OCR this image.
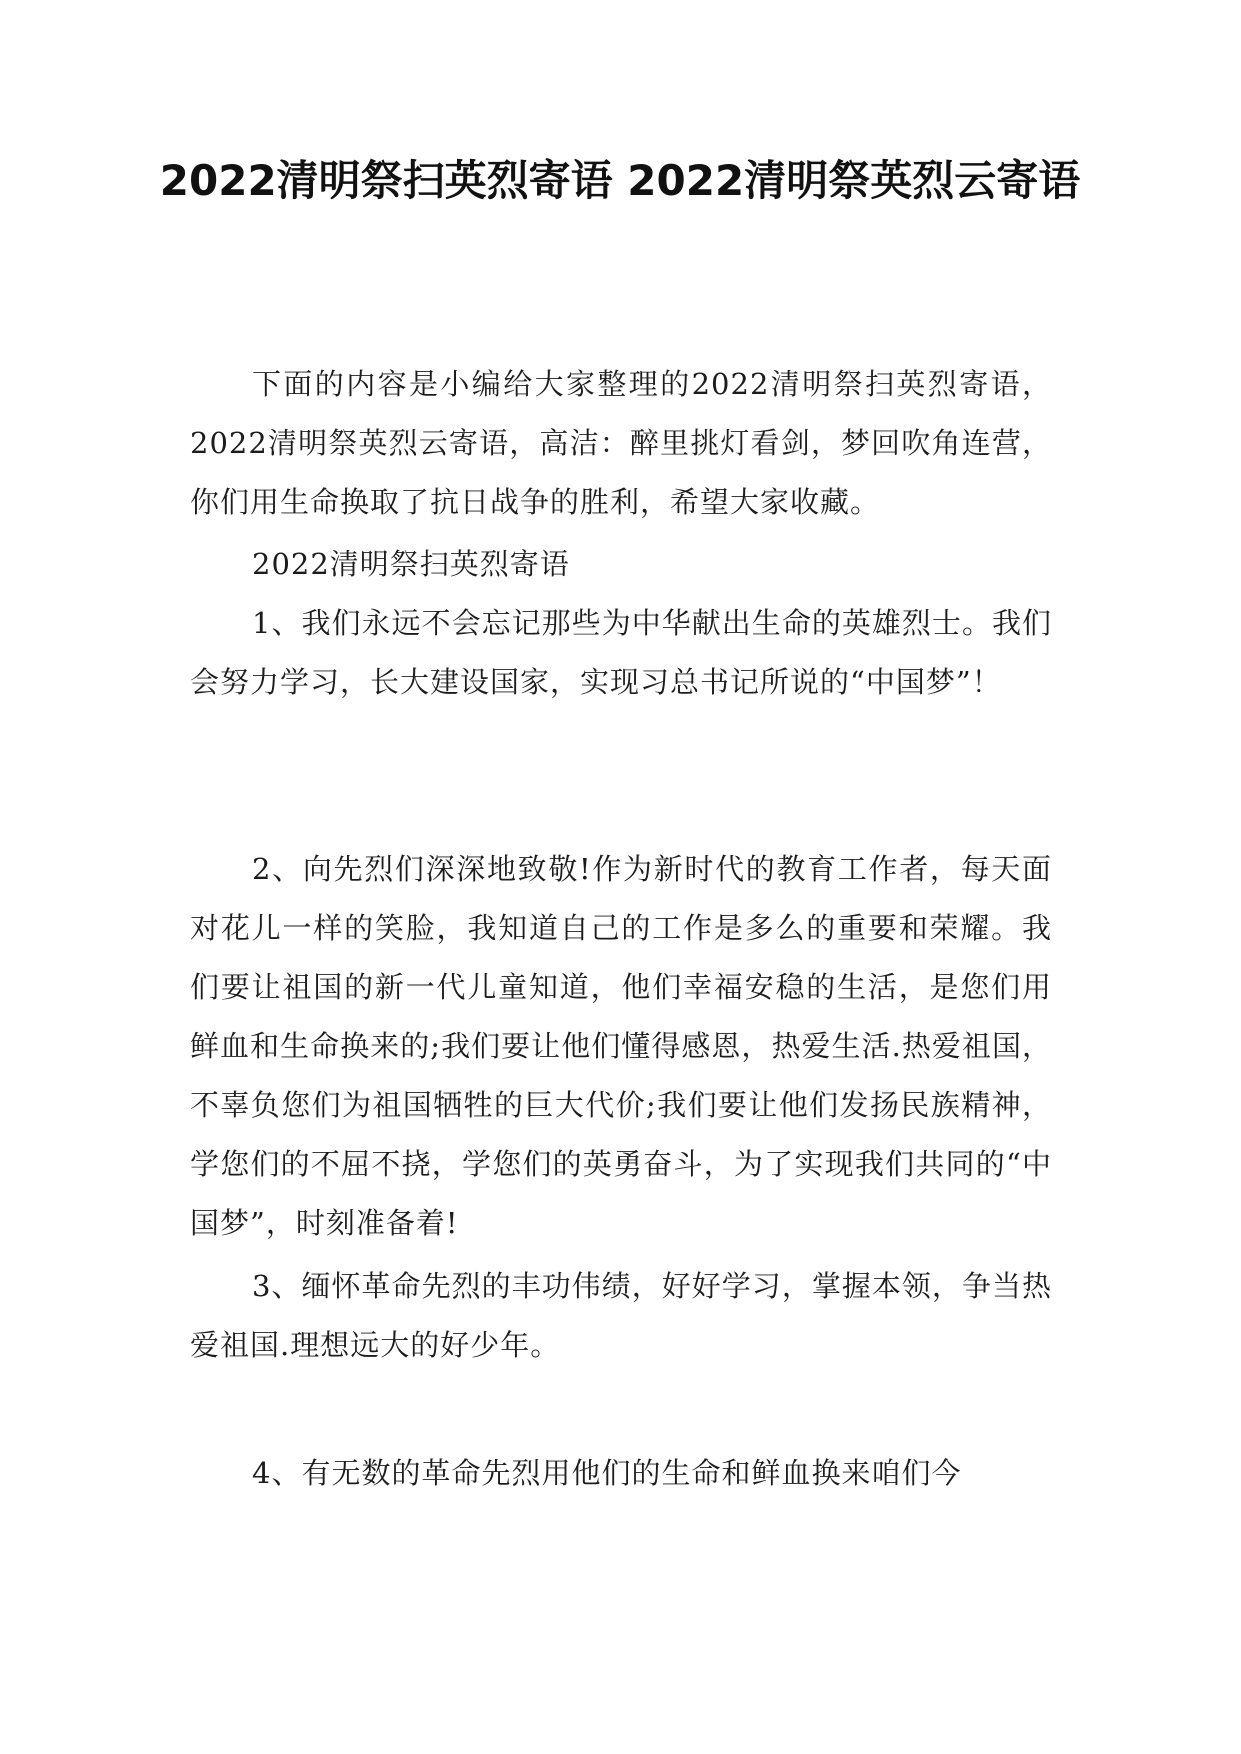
2022清明祭扫英烈寄语 2022清明祭英烈云寄语

下面的内容是小编给大家整理的2022清明祭扫英烈寄语，2022清明祭英烈云寄语，高洁：醉里挑灯看剑，梦回吹角连营，你们用生命换取了抗日战争的胜利，希望大家收藏。

2022清明祭扫英烈寄语

1、我们永远不会忘记那些为中华献出生命的英雄烈士。我们会努力学习，长大建设国家，实现习总书记所说的“中国梦”！

2、向先烈们深深地致敬!作为新时代的教育工作者，每天面对花儿一样的笑脸，我知道自己的工作是多么的重要和荣耀。我们要让祖国的新一代儿童知道，他们幸福安稳的生活，是您们用鲜血和生命换来的;我们要让他们懂得感恩，热爱生活.热爱祖国，不辜负您们为祖国牺牲的巨大代价;我们要让他们发扬民族精神，学您们的不屈不挠，学您们的英勇奋斗，为了实现我们共同的“中国梦”，时刻准备着!

3、缅怀革命先烈的丰功伟绩，好好学习，掌握本领，争当热爱祖国.理想远大的好少年。

4、有无数的革命先烈用他们的生命和鲜血换来咱们今
